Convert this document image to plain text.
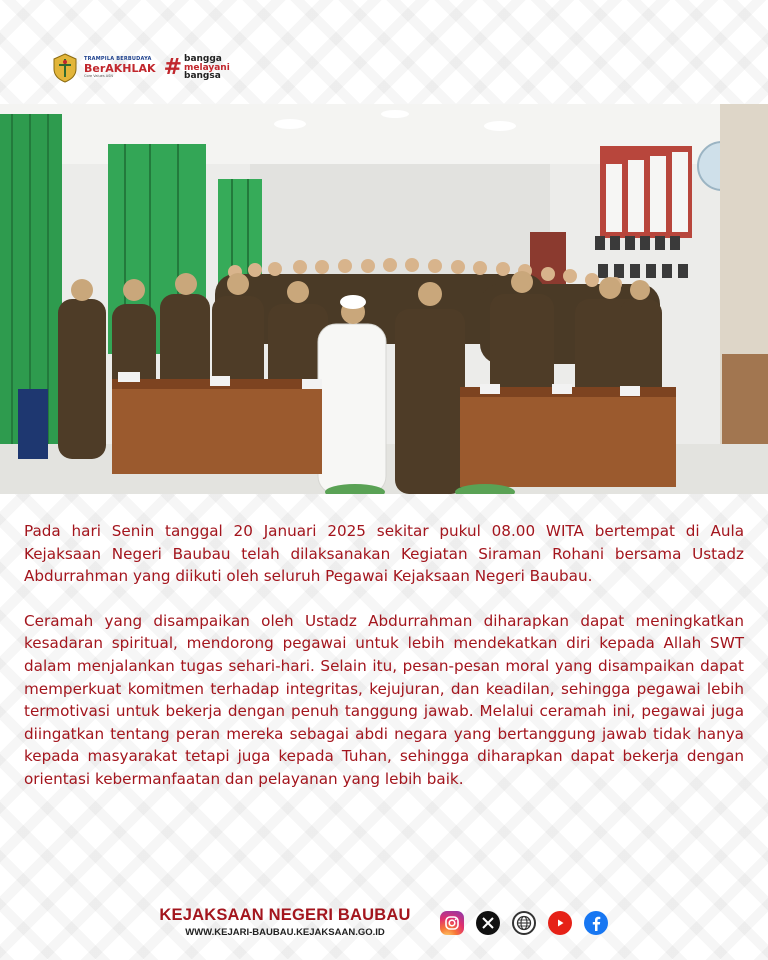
TRAMPILA BERBUDAYA
BerAKHLAK
Core Values ASN	# bangga
melayani
bangsa

Pada hari Senin tanggal 20 Januari 2025 sekitar pukul 08.00 WITA bertempat di Aula Kejaksaan Negeri Baubau telah dilaksanakan Kegiatan Siraman Rohani bersama Ustadz Abdurrahman yang diikuti oleh seluruh Pegawai Kejaksaan Negeri Baubau.

Ceramah yang disampaikan oleh Ustadz Abdurrahman diharapkan dapat meningkatkan kesadaran spiritual, mendorong pegawai untuk lebih mendekatkan diri kepada Allah SWT dalam menjalankan tugas sehari-hari. Selain itu, pesan-pesan moral yang disampaikan dapat memperkuat komitmen terhadap integritas, kejujuran, dan keadilan, sehingga pegawai lebih termotivasi untuk bekerja dengan penuh tanggung jawab. Melalui ceramah ini, pegawai juga diingatkan tentang peran mereka sebagai abdi negara yang bertanggung jawab tidak hanya kepada masyarakat tetapi juga kepada Tuhan, sehingga diharapkan dapat bekerja dengan orientasi kebermanfaatan dan pelayanan yang lebih baik.

KEJAKSAAN NEGERI BAUBAU
WWW.KEJARI-BAUBAU.KEJAKSAAN.GO.ID
